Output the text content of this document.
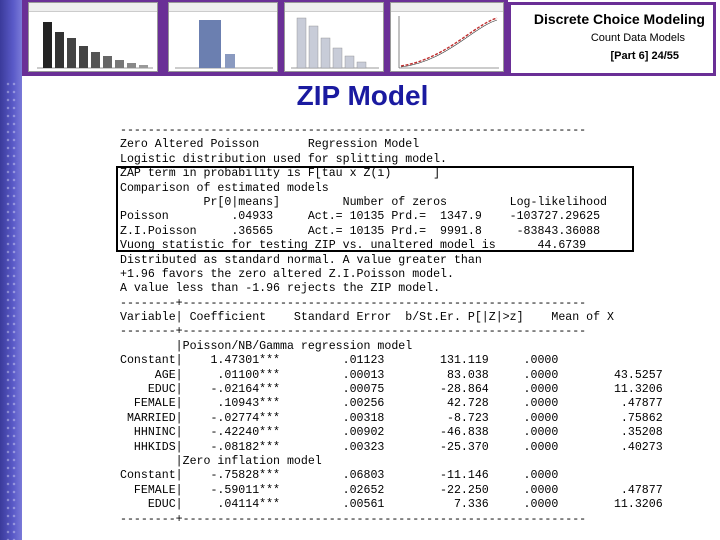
Discrete Choice Modeling
Count Data Models
[Part 6] 24/55
ZIP Model
-------------------------------------------------------------------
Zero Altered Poisson       Regression Model
Logistic distribution used for splitting model.
ZAP term in probability is F[tau x Z(i)      ]
Comparison of estimated models
Pr[0|means]         Number of zeros         Log-likelihood
Poisson         .04933     Act.= 10135 Prd.=  1347.9    -103727.29625
Z.I.Poisson     .36565     Act.= 10135 Prd.=  9991.8     -83843.36088
Vuong statistic for testing ZIP vs. unaltered model is      44.6739
Distributed as standard normal. A value greater than
+1.96 favors the zero altered Z.I.Poisson model.
A value less than -1.96 rejects the ZIP model.
--------+----------------------------------------------------------
Variable| Coefficient    Standard Error  b/St.Er. P[|Z|>z]    Mean of X
--------+----------------------------------------------------------
|Poisson/NB/Gamma regression model
Constant|    1.47301***         .01123        131.119     .0000
AGE|     .01100***         .00013         83.038     .0000        43.5257
EDUC|    -.02164***         .00075        -28.864     .0000        11.3206
FEMALE|     .10943***         .00256         42.728     .0000         .47877
MARRIED|    -.02774***         .00318         -8.723     .0000         .75862
HHNINC|    -.42240***         .00902        -46.838     .0000         .35208
HHKIDS|    -.08182***         .00323        -25.370     .0000         .40273
|Zero inflation model
Constant|    -.75828***         .06803        -11.146     .0000
FEMALE|    -.59011***         .02652        -22.250     .0000         .47877
EDUC|     .04114***         .00561          7.336     .0000        11.3206
--------+----------------------------------------------------------
